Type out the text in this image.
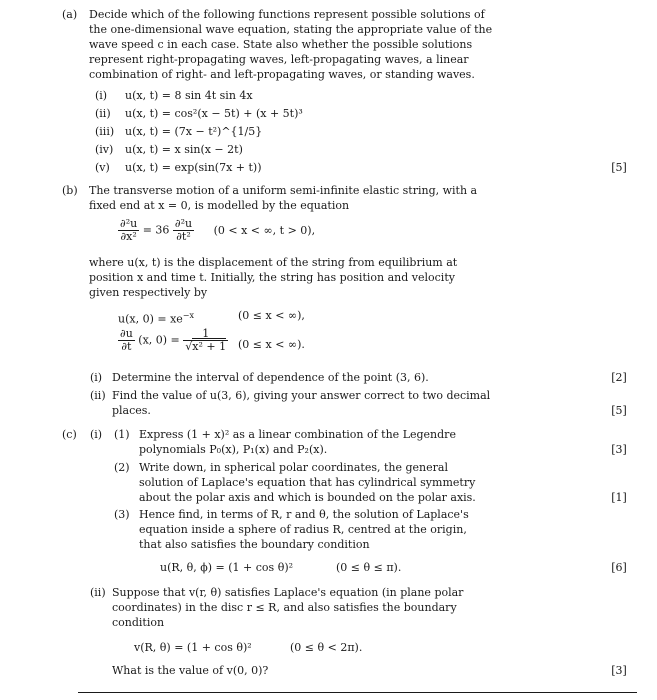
(a) Decide which of the following functions represent possible solutions of
the one-dimensional wave equation, stating the appropriate value of the
wave speed c in each case. State also whether the possible solutions
represent right-propagating waves, left-propagating waves, a linear
combination of right- and left-propagating waves, or standing waves.
(i) u(x, t) = 8 sin 4t sin 4x
(ii) u(x, t) = cos²(x − 5t) + (x + 5t)³
(iii) u(x, t) = (7x − t²)^{1/5}
(iv) u(x, t) = x sin(x − 2t)
(v) u(x, t) = exp(sin(7x + t))	[5]
(b) The transverse motion of a uniform semi-infinite elastic string, with a
fixed end at x = 0, is modelled by the equation
$\frac{\text{∂²u}}{\text{∂x²}} = 36 \frac{\text{∂²u}}{\text{∂t²}} (0 < x$ < ∞, t > 0),
where u(x, t) is the displacement of the string from equilibrium at
position x and time t. Initially, the string has position and velocity
given respectively by
u(x, $0) = xe^{-x}$	(0 ≤ x < ∞),
$\frac{\partial u}{\partial t} (x$, $0) = \frac{1}{\text{√x² + 1}} (0 \le x$ < ∞).
(i) Determine the interval of dependence of the point (3, 6).	[2]
(ii) Find the value of u(3, 6), giving your answer correct to two decimal
places.	[5]
(c) (i) (1) Express (1 + x)² as a linear combination of the Legendre
polynomials P₀(x), P₁(x) and P₂(x).	[3]
(2) Write down, in spherical polar coordinates, the general
solution of Laplace's equation that has cylindrical symmetry
about the polar axis and which is bounded on the polar axis.	[1]
(3) Hence find, in terms of R, r and θ, the solution of Laplace's
equation inside a sphere of radius R, centred at the origin,
that also satisfies the boundary condition
u(R, θ, ϕ) = (1 + cos θ)²	(0 ≤ θ ≤ π).	[6]
(ii) Suppose that v(r, θ) satisfies Laplace's equation (in plane polar
coordinates) in the disc r ≤ R, and also satisfies the boundary
condition
v(R, θ) = (1 + cos θ)²	(0 ≤ θ < 2π).
What is the value of v(0, 0)?	[3]
